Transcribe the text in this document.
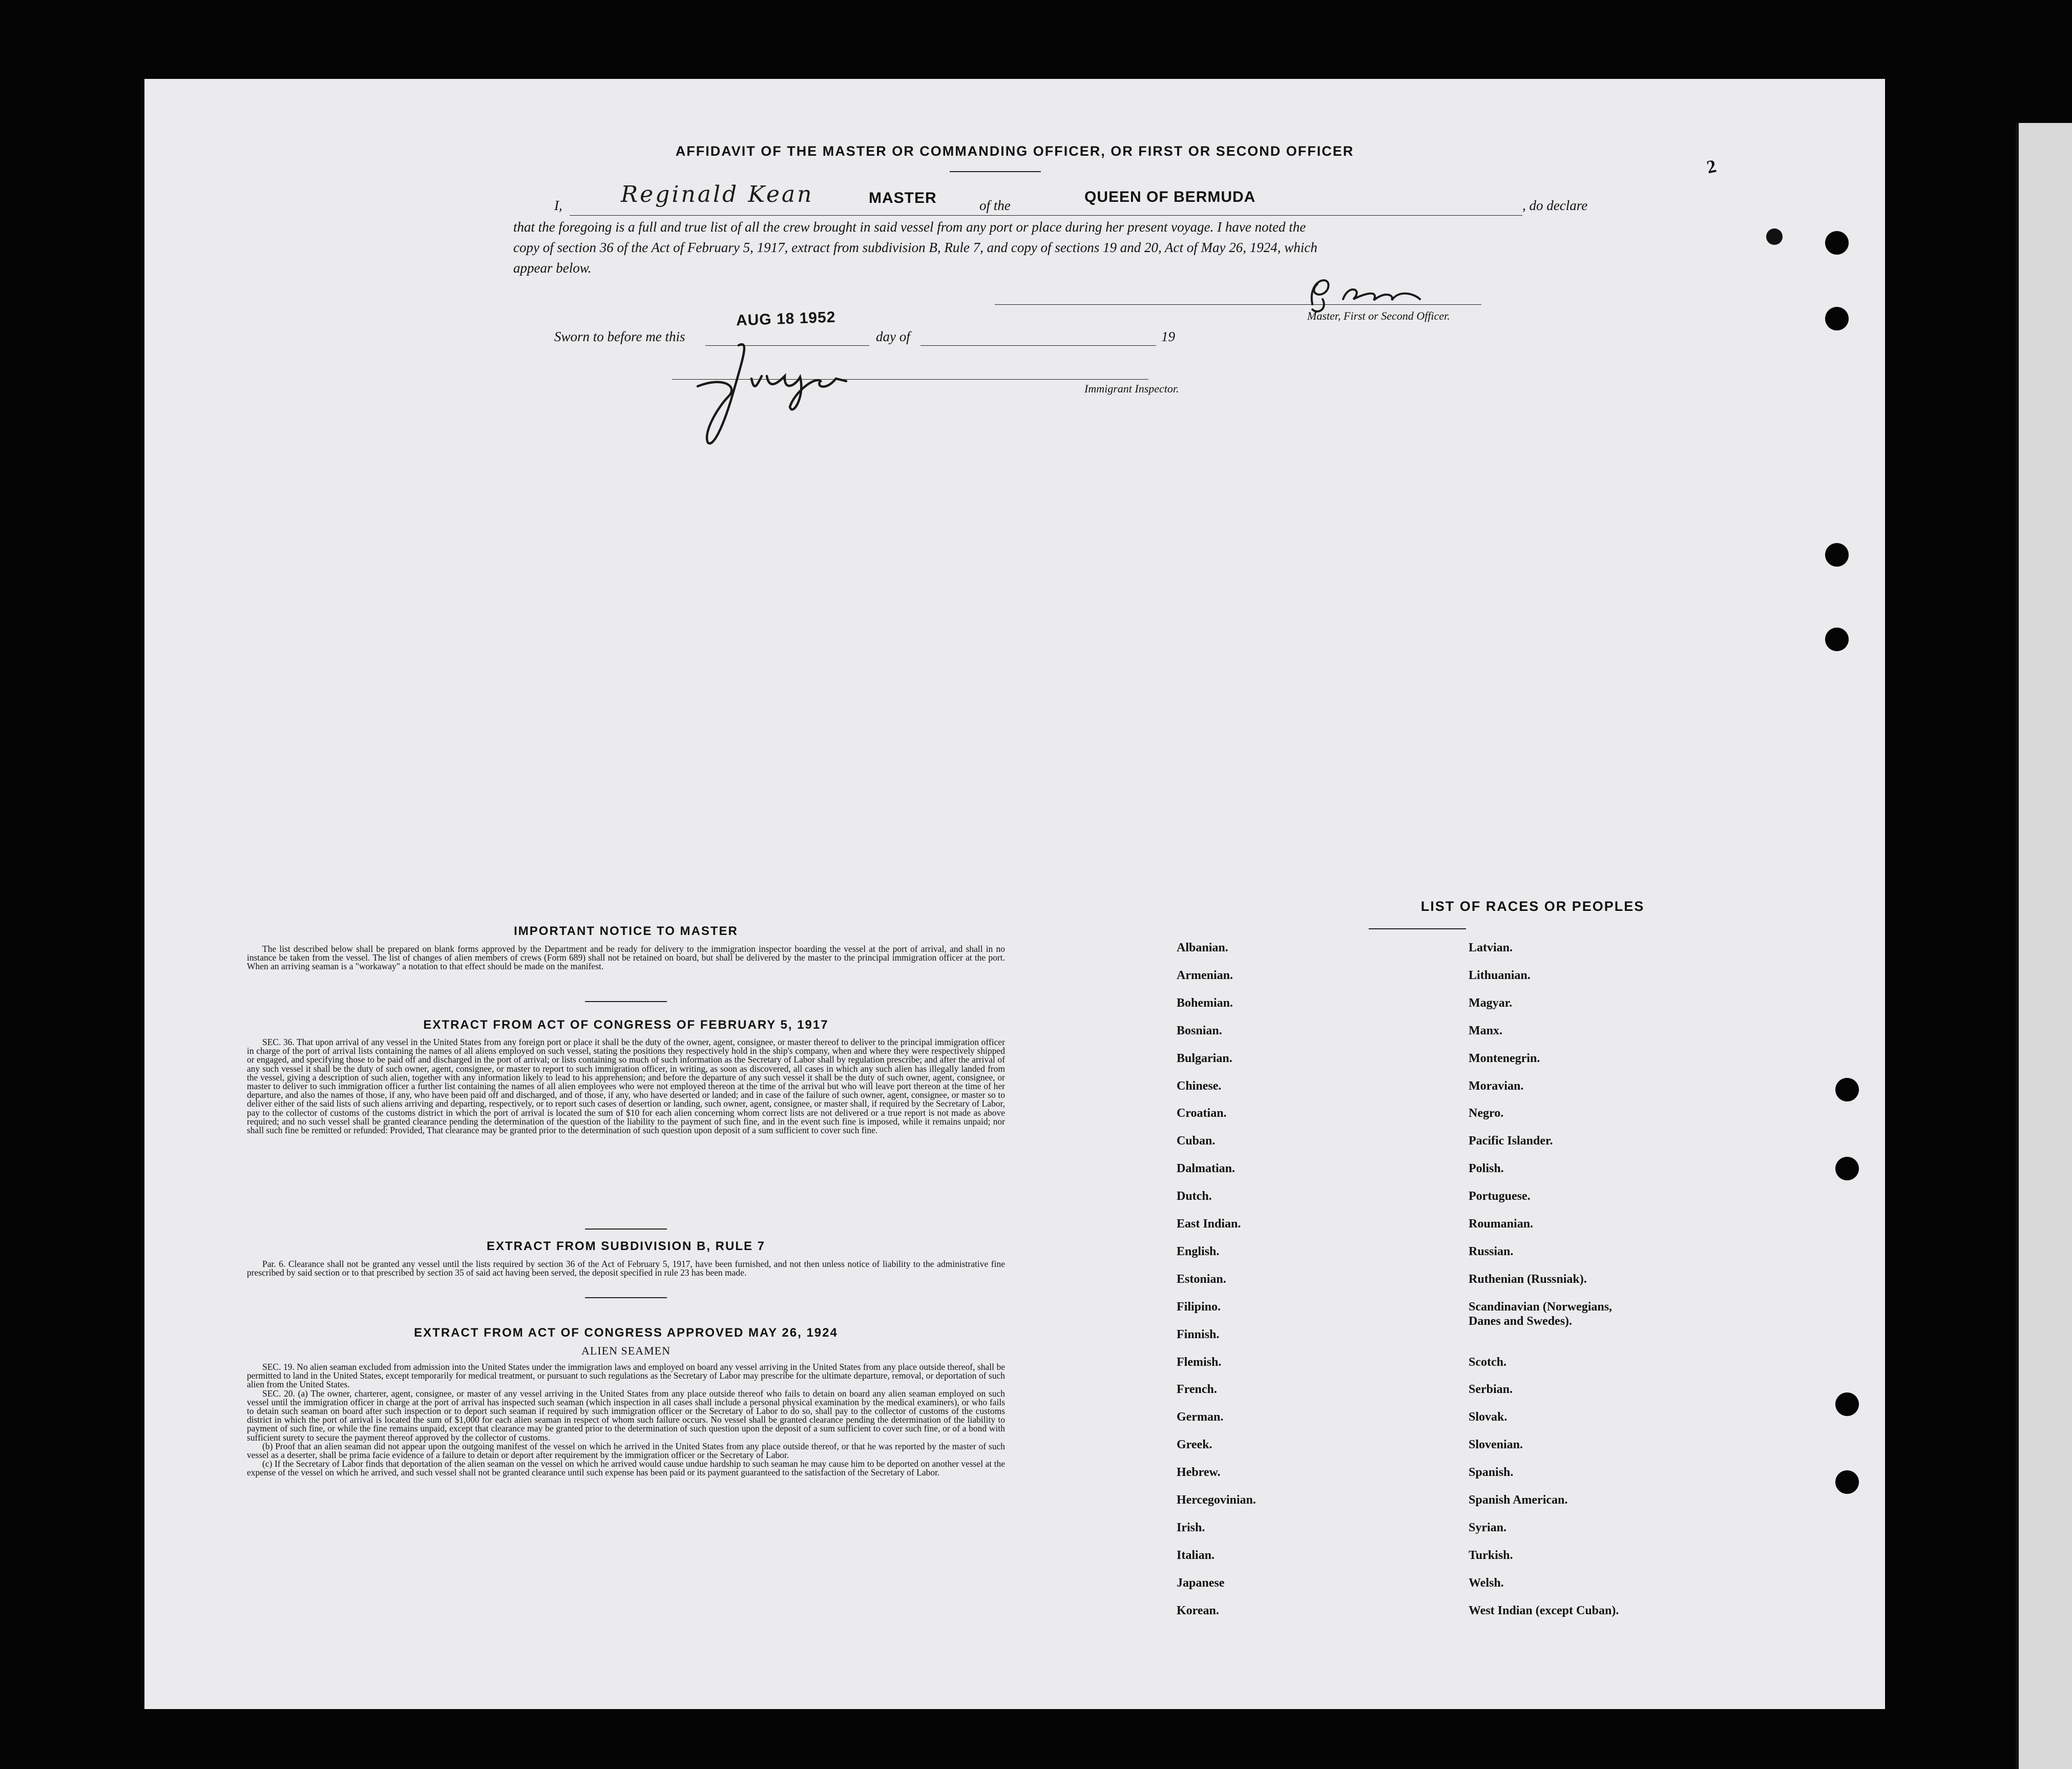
AFFIDAVIT OF THE MASTER OR COMMANDING OFFICER, OR FIRST OR SECOND OFFICER
2
I,	Reginald Kean	MASTER	of the	QUEEN OF BERMUDA	, do declare
that the foregoing is a full and true list of all the crew brought in said vessel from any port or place during her present voyage. I have noted the
copy of section 36 of the Act of February 5, 1917, extract from subdivision B, Rule 7, and copy of sections 19 and 20, Act of May 26, 1924, which
appear below.
Master, First or Second Officer.
Sworn to before me this
AUG 18 1952
day of	19
Immigrant Inspector.
IMPORTANT NOTICE TO MASTER

The list described below shall be prepared on blank forms approved by the Department and be ready for delivery to the immigration inspector boarding the vessel at the port of arrival, and shall in no instance be taken from the vessel. The list of changes of alien members of crews (Form 689) shall not be retained on board, but shall be delivered by the master to the principal immigration officer at the port. When an arriving seaman is a "workaway" a notation to that effect should be made on the manifest.

EXTRACT FROM ACT OF CONGRESS OF FEBRUARY 5, 1917

SEC. 36. That upon arrival of any vessel in the United States from any foreign port or place it shall be the duty of the owner, agent, consignee, or master thereof to deliver to the principal immigration officer in charge of the port of arrival lists containing the names of all aliens employed on such vessel, stating the positions they respectively hold in the ship's company, when and where they were respectively shipped or engaged, and specifying those to be paid off and discharged in the port of arrival; or lists containing so much of such information as the Secretary of Labor shall by regulation prescribe; and after the arrival of any such vessel it shall be the duty of such owner, agent, consignee, or master to report to such immigration officer, in writing, as soon as discovered, all cases in which any such alien has illegally landed from the vessel, giving a description of such alien, together with any information likely to lead to his apprehension; and before the departure of any such vessel it shall be the duty of such owner, agent, consignee, or master to deliver to such immigration officer a further list containing the names of all alien employees who were not employed thereon at the time of the arrival but who will leave port thereon at the time of her departure, and also the names of those, if any, who have been paid off and discharged, and of those, if any, who have deserted or landed; and in case of the failure of such owner, agent, consignee, or master so to deliver either of the said lists of such aliens arriving and departing, respectively, or to report such cases of desertion or landing, such owner, agent, consignee, or master shall, if required by the Secretary of Labor, pay to the collector of customs of the customs district in which the port of arrival is located the sum of $10 for each alien concerning whom correct lists are not delivered or a true report is not made as above required; and no such vessel shall be granted clearance pending the determination of the question of the liability to the payment of such fine, and in the event such fine is imposed, while it remains unpaid; nor shall such fine be remitted or refunded: Provided, That clearance may be granted prior to the determination of such question upon deposit of a sum sufficient to cover such fine.

EXTRACT FROM SUBDIVISION B, RULE 7

Par. 6. Clearance shall not be granted any vessel until the lists required by section 36 of the Act of February 5, 1917, have been furnished, and not then unless notice of liability to the administrative fine prescribed by said section or to that prescribed by section 35 of said act having been served, the deposit specified in rule 23 has been made.

EXTRACT FROM ACT OF CONGRESS APPROVED MAY 26, 1924
ALIEN SEAMEN

SEC. 19. No alien seaman excluded from admission into the United States under the immigration laws and employed on board any vessel arriving in the United States from any place outside thereof, shall be permitted to land in the United States, except temporarily for medical treatment, or pursuant to such regulations as the Secretary of Labor may prescribe for the ultimate departure, removal, or deportation of such alien from the United States.

SEC. 20. (a) The owner, charterer, agent, consignee, or master of any vessel arriving in the United States from any place outside thereof who fails to detain on board any alien seaman employed on such vessel until the immigration officer in charge at the port of arrival has inspected such seaman (which inspection in all cases shall include a personal physical examination by the medical examiners), or who fails to detain such seaman on board after such inspection or to deport such seaman if required by such immigration officer or the Secretary of Labor to do so, shall pay to the collector of customs of the customs district in which the port of arrival is located the sum of $1,000 for each alien seaman in respect of whom such failure occurs. No vessel shall be granted clearance pending the determination of the liability to payment of such fine, or while the fine remains unpaid, except that clearance may be granted prior to the determination of such question upon the deposit of a sum sufficient to cover such fine, or of a bond with sufficient surety to secure the payment thereof approved by the collector of customs.

(b) Proof that an alien seaman did not appear upon the outgoing manifest of the vessel on which he arrived in the United States from any place outside thereof, or that he was reported by the master of such vessel as a deserter, shall be prima facie evidence of a failure to detain or deport after requirement by the immigration officer or the Secretary of Labor.

(c) If the Secretary of Labor finds that deportation of the alien seaman on the vessel on which he arrived would cause undue hardship to such seaman he may cause him to be deported on another vessel at the expense of the vessel on which he arrived, and such vessel shall not be granted clearance until such expense has been paid or its payment guaranteed to the satisfaction of the Secretary of Labor.

LIST OF RACES OR PEOPLES
Albanian.
Armenian.
Bohemian.
Bosnian.
Bulgarian.
Chinese.
Croatian.
Cuban.
Dalmatian.
Dutch.
East Indian.
English.
Estonian.
Filipino.
Finnish.
Flemish.
French.
German.
Greek.
Hebrew.
Hercegovinian.
Irish.
Italian.
Japanese
Korean.
Latvian.
Lithuanian.
Magyar.
Manx.
Montenegrin.
Moravian.
Negro.
Pacific Islander.
Polish.
Portuguese.
Roumanian.
Russian.
Ruthenian (Russniak).
Scandinavian (Norwegians,
Danes and Swedes).
Scotch.
Serbian.
Slovak.
Slovenian.
Spanish.
Spanish American.
Syrian.
Turkish.
Welsh.
West Indian (except Cuban).
